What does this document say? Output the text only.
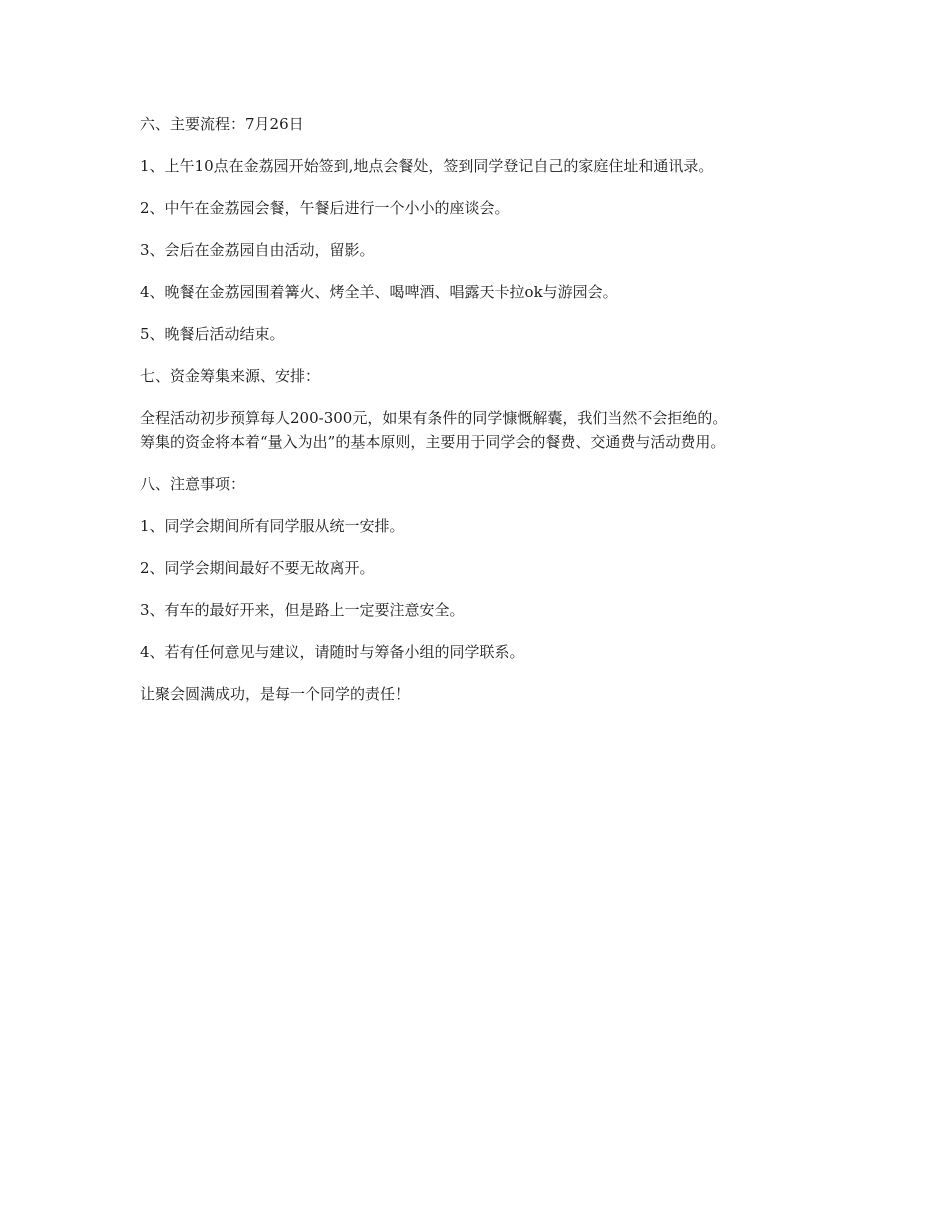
六、主要流程：7月26日

1、上午10点在金荔园开始签到,地点会餐处，签到同学登记自己的家庭住址和通讯录。

2、中午在金荔园会餐，午餐后进行一个小小的座谈会。

3、会后在金荔园自由活动，留影。

4、晚餐在金荔园围着篝火、烤全羊、喝啤酒、唱露天卡拉ok与游园会。

5、晚餐后活动结束。

七、资金筹集来源、安排：

全程活动初步预算每人200-300元，如果有条件的同学慷慨解囊，我们当然不会拒绝的。
筹集的资金将本着“量入为出”的基本原则，主要用于同学会的餐费、交通费与活动费用。

八、注意事项：

1、同学会期间所有同学服从统一安排。

2、同学会期间最好不要无故离开。

3、有车的最好开来，但是路上一定要注意安全。

4、若有任何意见与建议，请随时与筹备小组的同学联系。

让聚会圆满成功，是每一个同学的责任！
